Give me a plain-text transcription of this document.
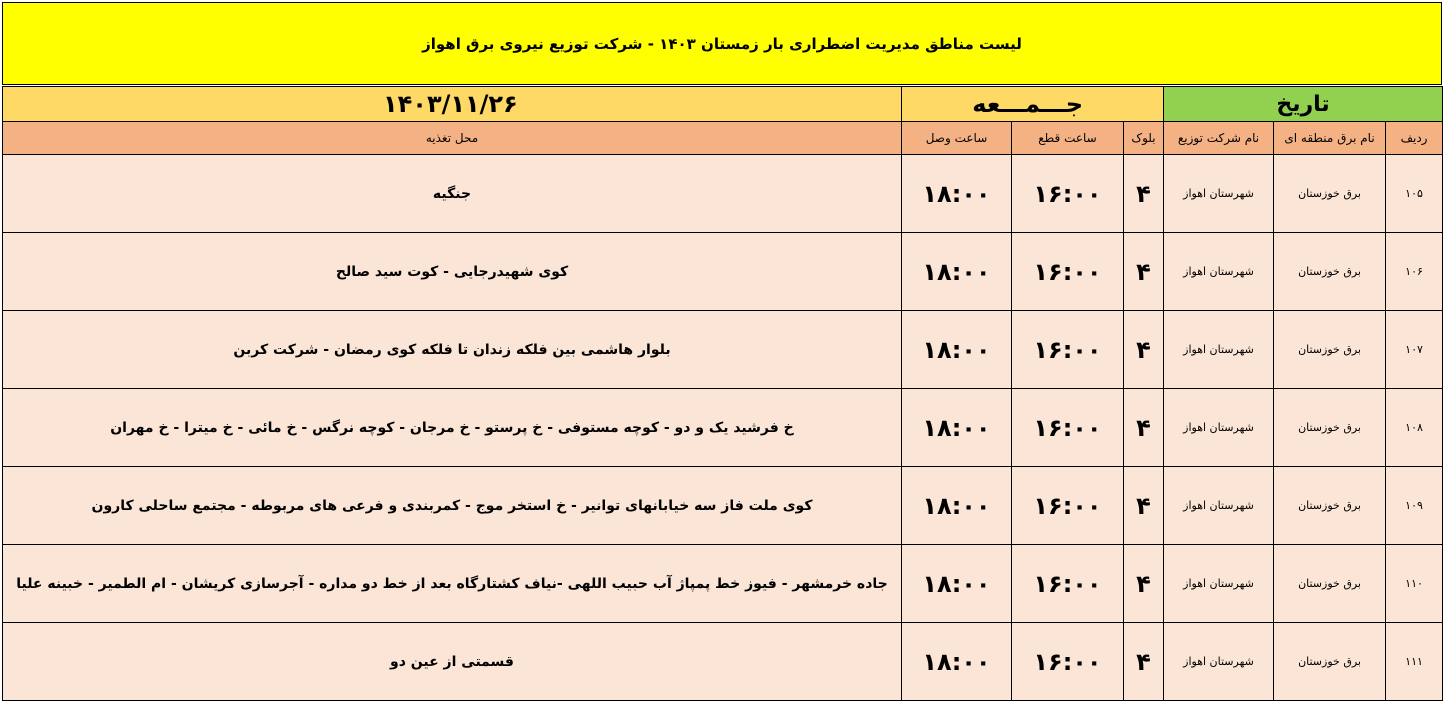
لیست مناطق مدیریت اضطراری بار زمستان ۱۴۰۳ - شرکت توزیع نیروی برق اهواز
تاریخ			جـــمـــعه			۱۴۰۳/۱۱/۲۶
ردیف	نام برق منطقه ای	نام شرکت توزیع	بلوک	ساعت قطع	ساعت وصل	محل تغذیه
۱۰۵	برق خوزستان	شهرستان اهواز	۴	۱۶:۰۰	۱۸:۰۰	جنگیه
۱۰۶	برق خوزستان	شهرستان اهواز	۴	۱۶:۰۰	۱۸:۰۰	کوی شهیدرجایی - کوت سید صالح
۱۰۷	برق خوزستان	شهرستان اهواز	۴	۱۶:۰۰	۱۸:۰۰	بلوار هاشمی بین فلکه زندان تا فلکه کوی رمضان - شرکت کربن
۱۰۸	برق خوزستان	شهرستان اهواز	۴	۱۶:۰۰	۱۸:۰۰	خ فرشید یک و دو - کوچه مستوفی - خ پرستو - خ مرجان - کوچه نرگس - خ مائی - خ میترا - خ مهران
۱۰۹	برق خوزستان	شهرستان اهواز	۴	۱۶:۰۰	۱۸:۰۰	کوی ملت فاز سه خیابانهای توانیر - خ استخر موج - کمربندی و فرعی های مربوطه - مجتمع ساحلی کارون
۱۱۰	برق خوزستان	شهرستان اهواز	۴	۱۶:۰۰	۱۸:۰۰	جاده خرمشهر - فیوز خط پمپاژ آب حبیب اللهی -نیاف کشتارگاه بعد از خط دو مداره - آجرسازی کریشان - ام الطمیر - خبینه علیا
۱۱۱	برق خوزستان	شهرستان اهواز	۴	۱۶:۰۰	۱۸:۰۰	قسمتی از عین دو
